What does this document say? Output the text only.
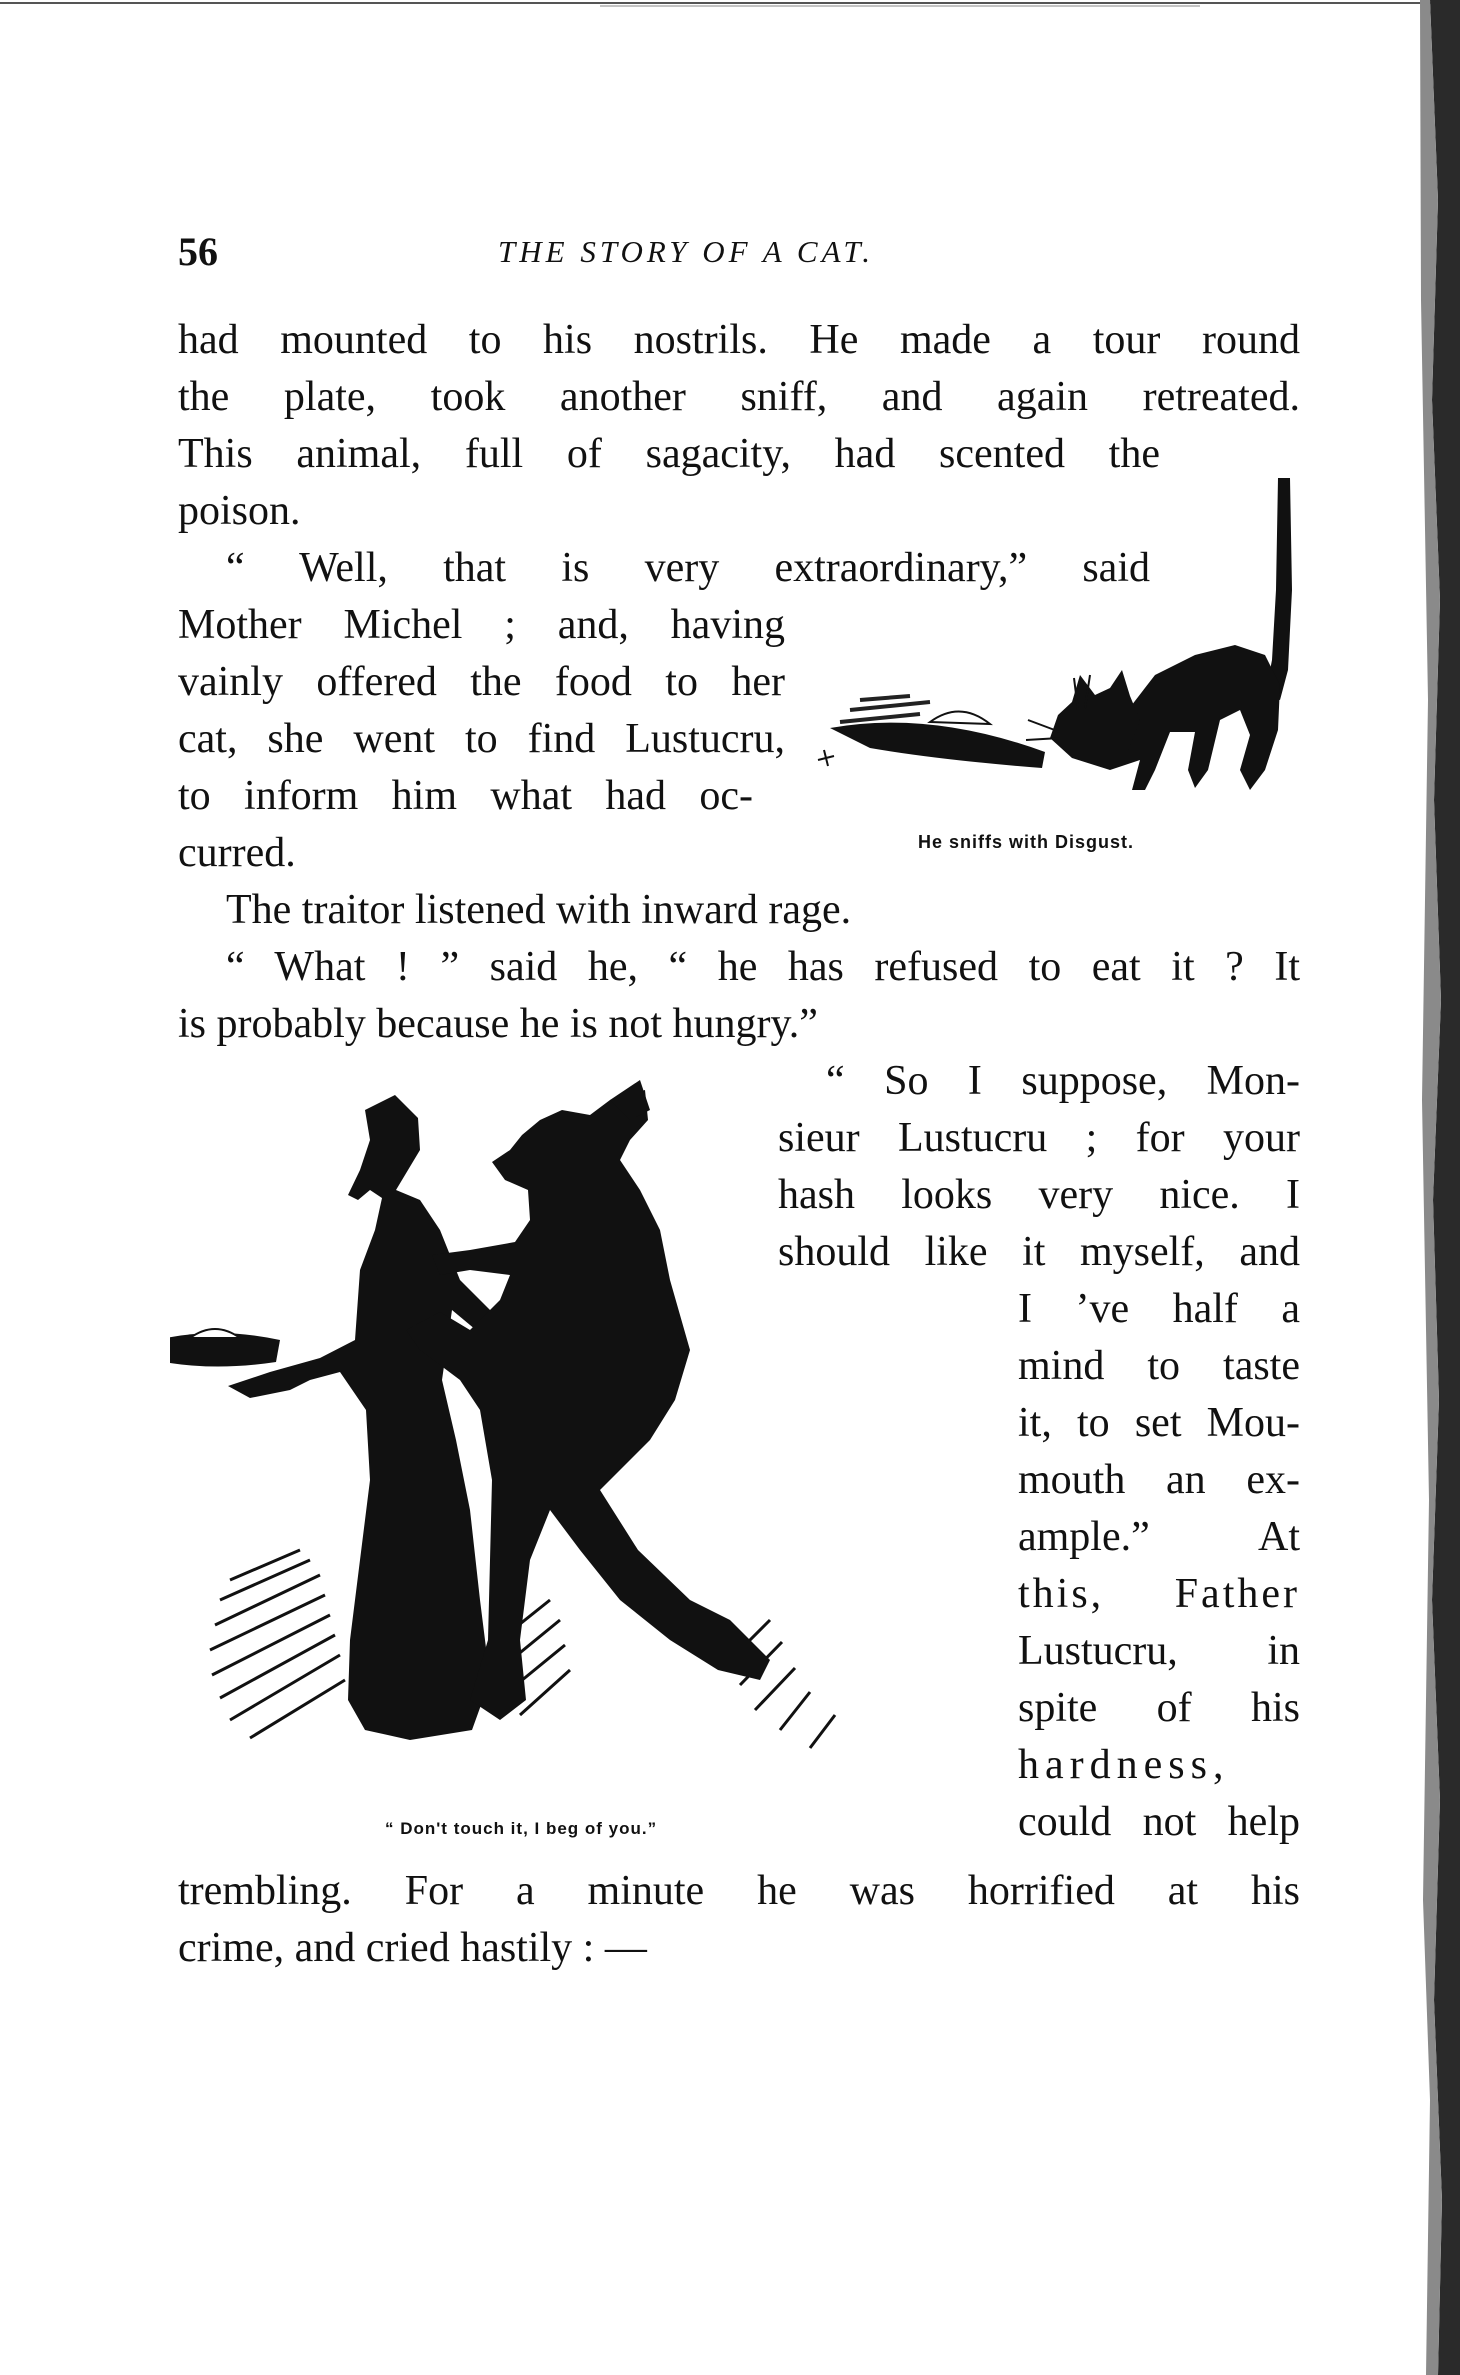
56	THE STORY OF A CAT.
had mounted to his nostrils. He made a tour round
the plate, took another sniff, and again retreated.
This animal, full of sagacity, had scented the
poison.
“ Well, that is very extraordinary,” said
Mother Michel ; and, having
vainly offered the food to her
cat, she went to find Lustucru,
to inform him what had oc-
curred.
The traitor listened with inward rage.
“ What ! ” said he, “ he has refused to eat it ? It
is probably because he is not hungry.”
“ So I suppose, Mon-
sieur Lustucru ; for your
hash looks very nice. I
should like it myself, and
I ’ve half a
mind to taste
it, to set Mou-
mouth an ex-
ample.” At
this, Father
Lustucru, in
spite of his
hardness,
could not help
trembling. For a minute he was horrified at his
crime, and cried hastily : —
He sniffs with Disgust.
“ Don't touch it, I beg of you.”
